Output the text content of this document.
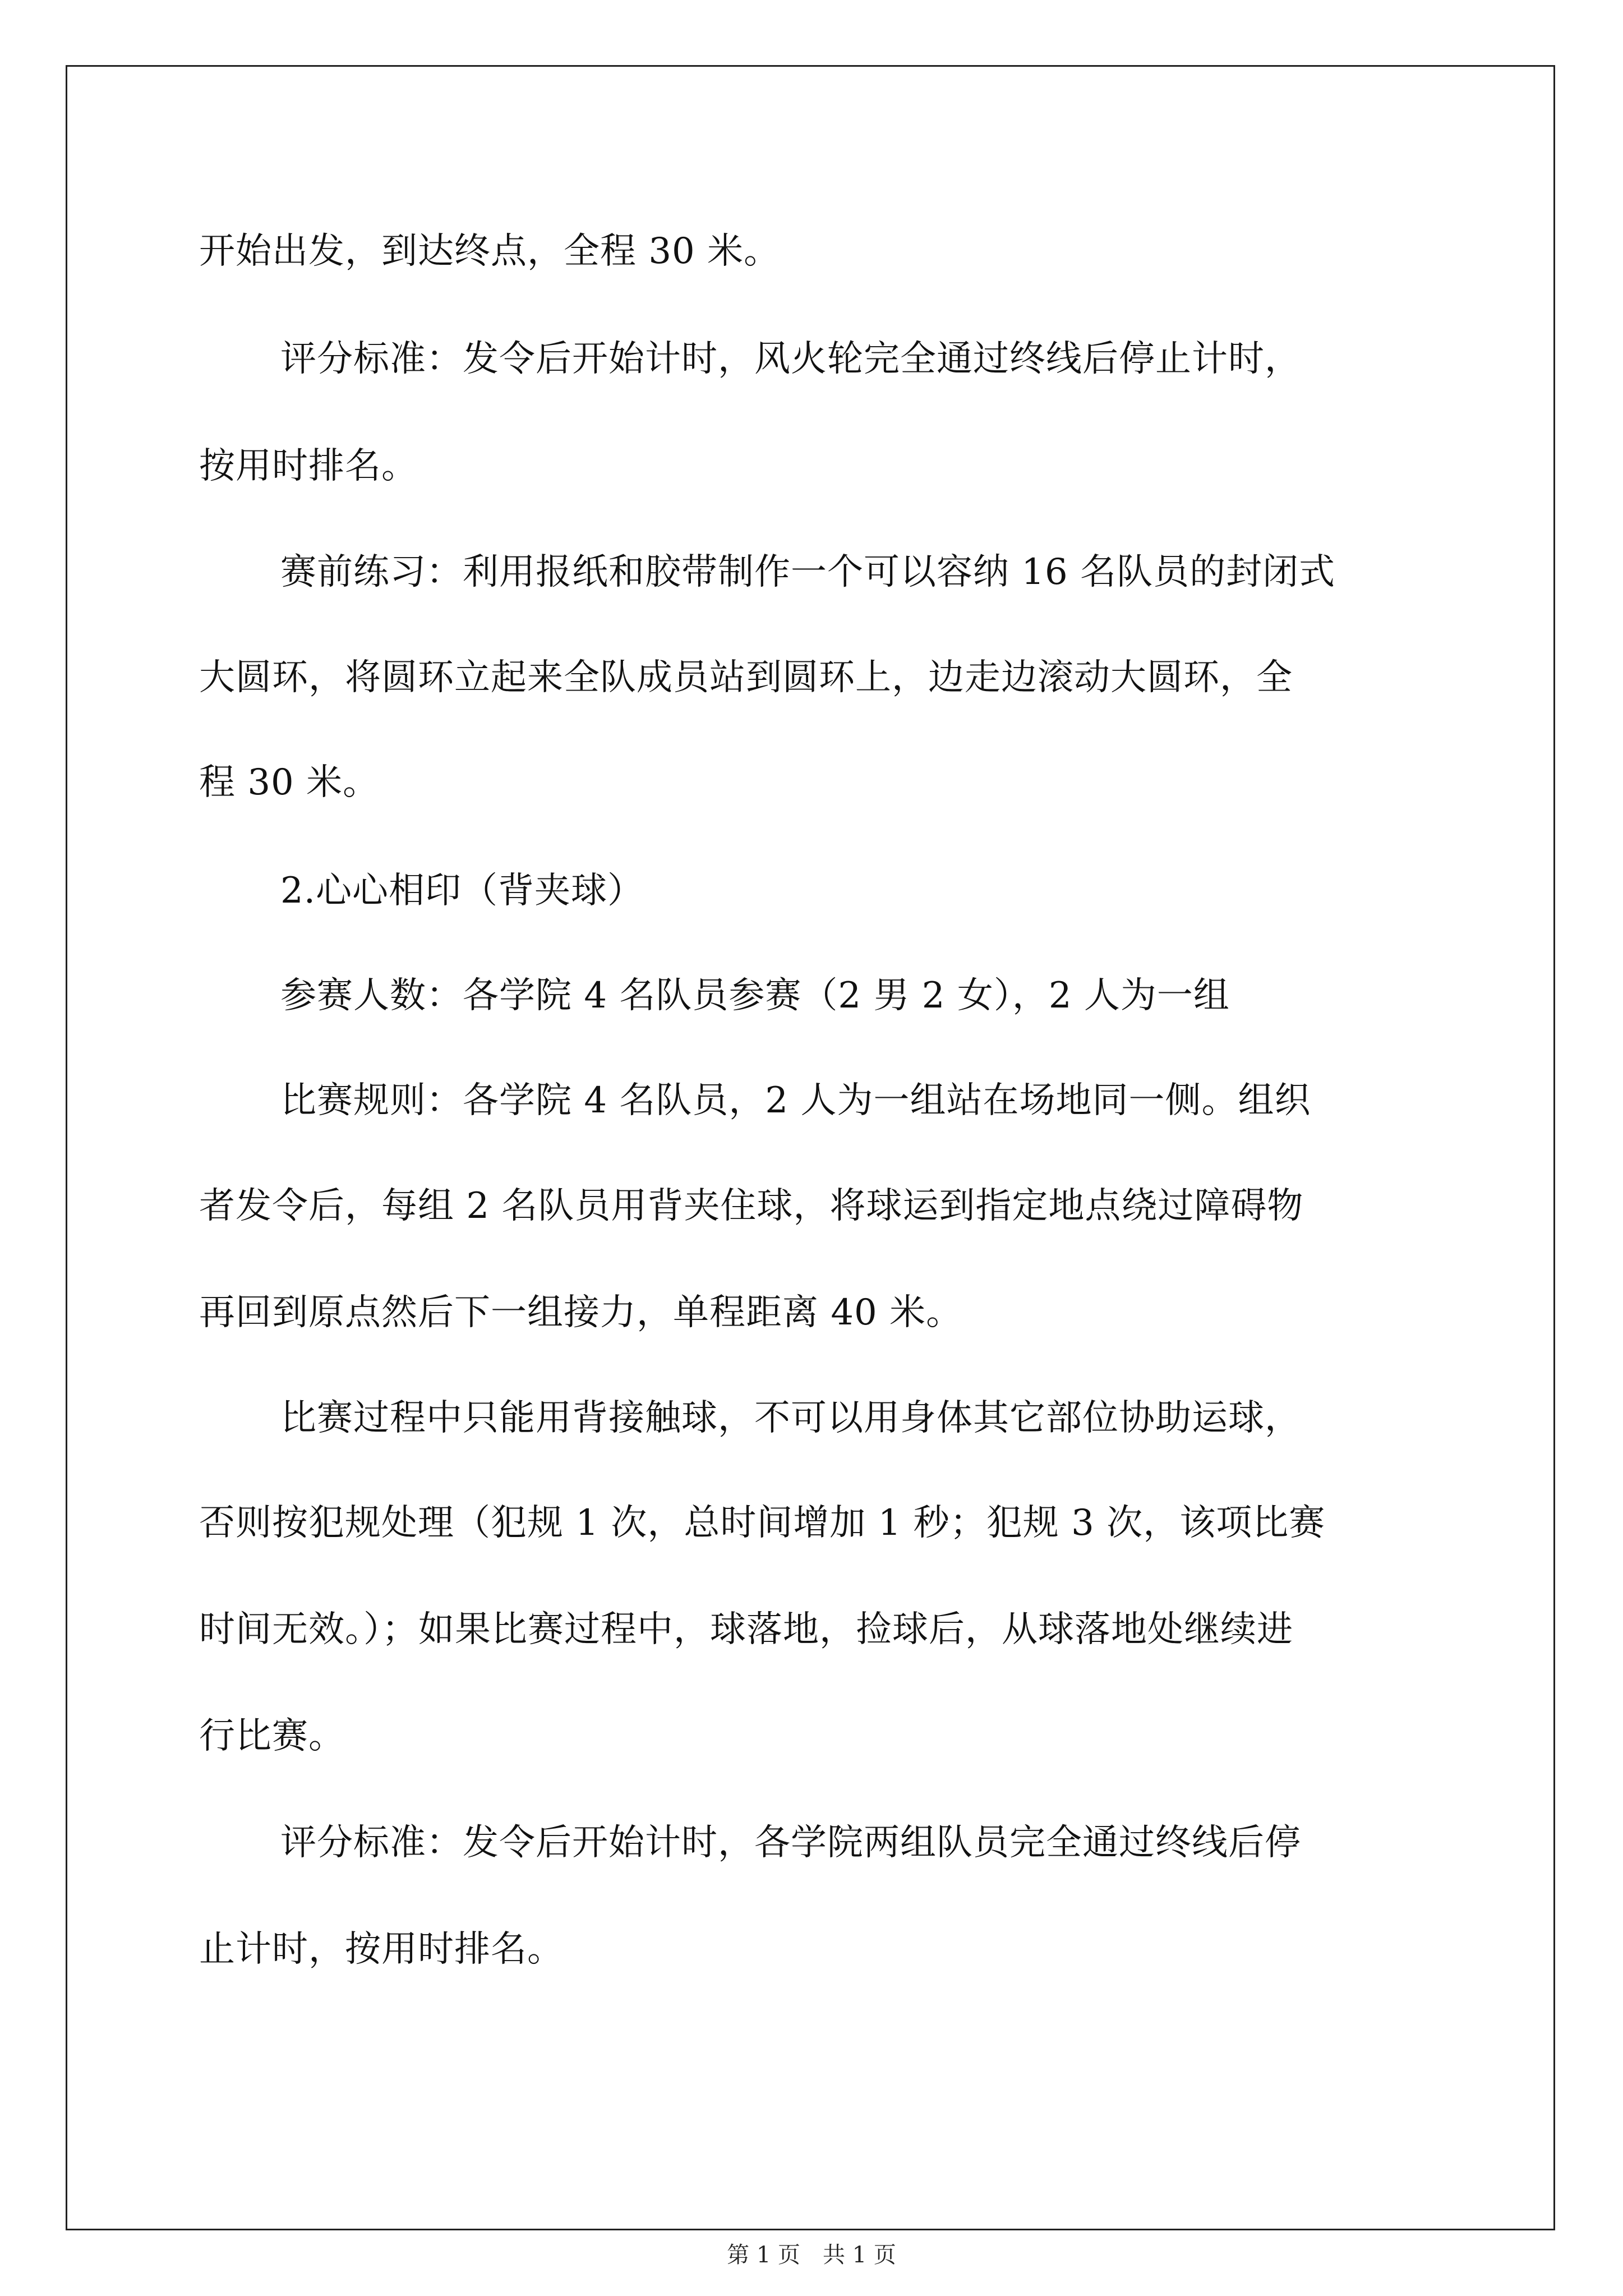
开始出发，到达终点，全程 30 米。
评分标准：发令后开始计时，风火轮完全通过终线后停止计时，
按用时排名。
赛前练习：利用报纸和胶带制作一个可以容纳 16 名队员的封闭式
大圆环，将圆环立起来全队成员站到圆环上，边走边滚动大圆环，全
程 30 米。
2.心心相印（背夹球）
参赛人数：各学院 4 名队员参赛（2 男 2 女），2 人为一组
比赛规则：各学院 4 名队员，2 人为一组站在场地同一侧。组织
者发令后，每组 2 名队员用背夹住球，将球运到指定地点绕过障碍物
再回到原点然后下一组接力，单程距离 40 米。
比赛过程中只能用背接触球，不可以用身体其它部位协助运球，
否则按犯规处理（犯规 1 次，总时间增加 1 秒；犯规 3 次，该项比赛
时间无效。）；如果比赛过程中，球落地，捡球后，从球落地处继续进
行比赛。
评分标准：发令后开始计时，各学院两组队员完全通过终线后停
止计时，按用时排名。
第 1 页　共 1 页
